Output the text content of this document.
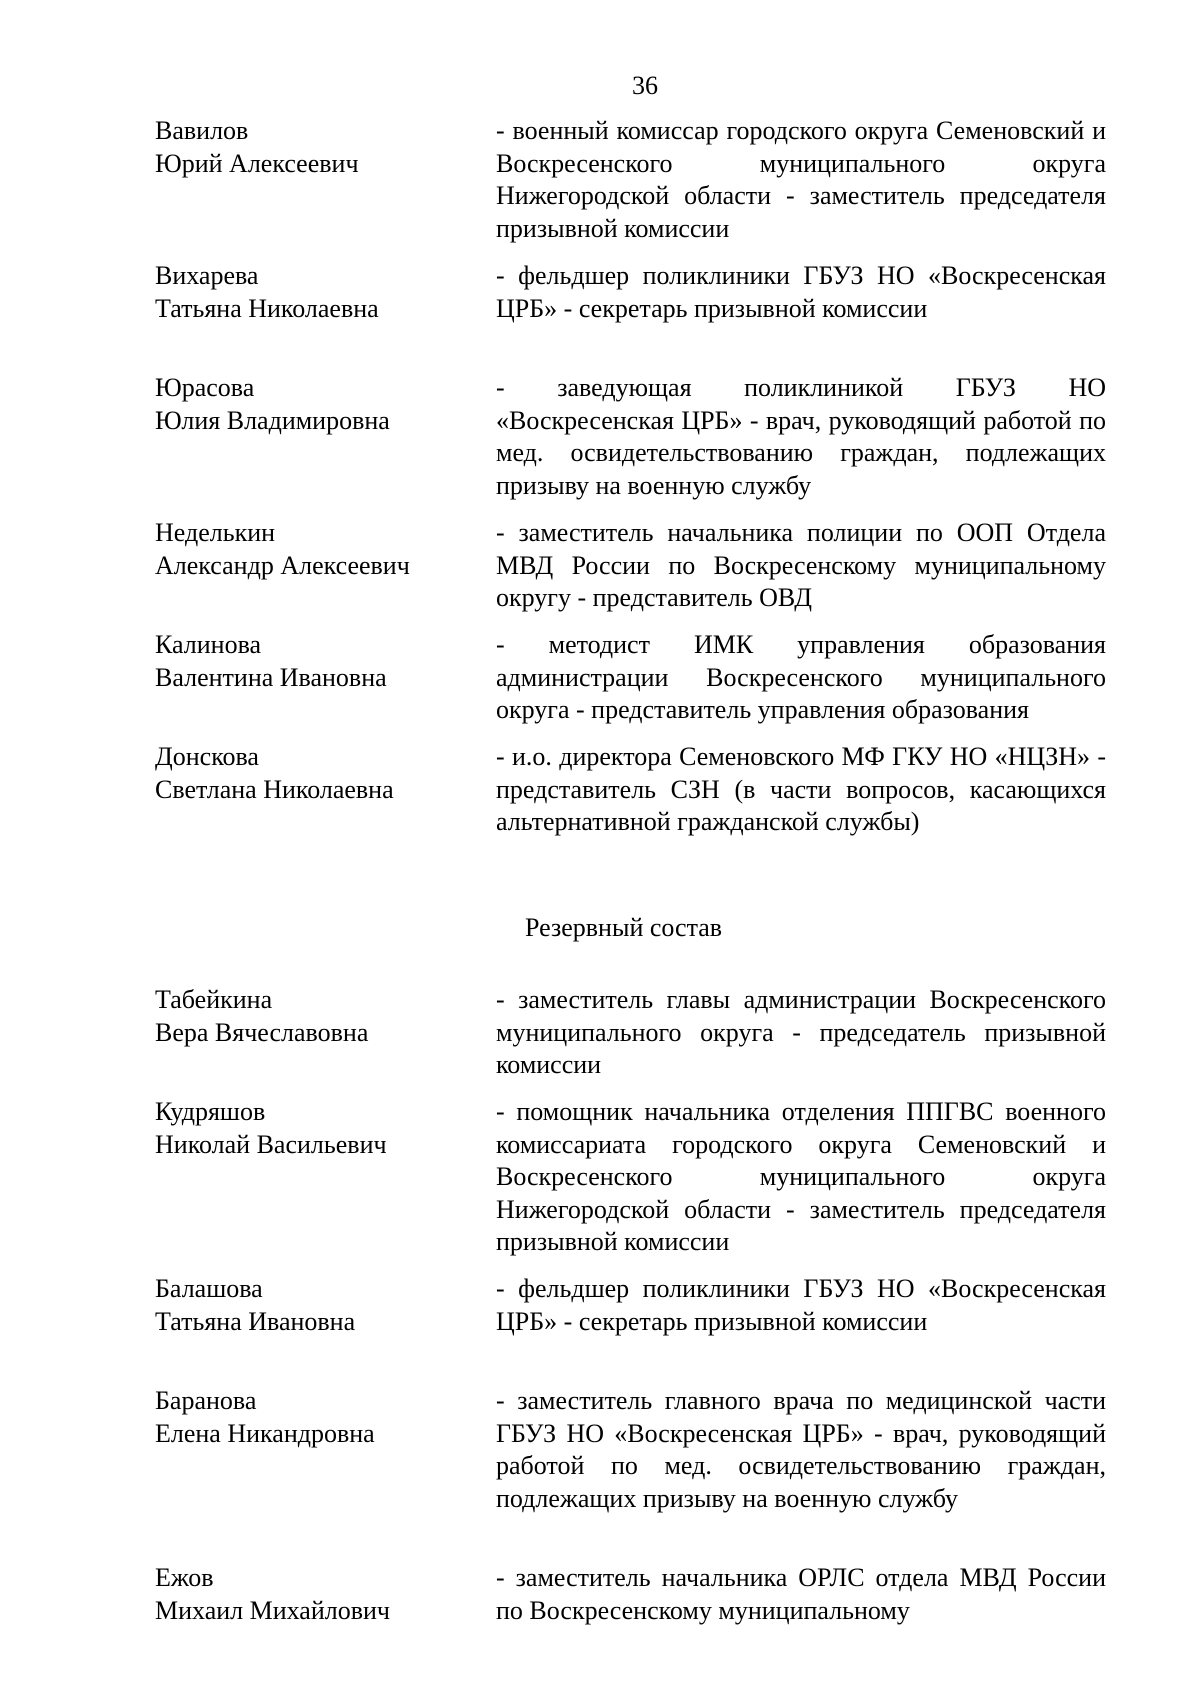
36
Вавилов
Юрий Алексеевич
- военный комиссар городского округа Семеновский и Воскресенского муниципального округа Нижегородской области - заместитель председателя призывной комиссии
Вихарева
Татьяна Николаевна
- фельдшер поликлиники ГБУЗ НО «Воскресенская ЦРБ» - секретарь призывной комиссии
Юрасова
Юлия Владимировна
- заведующая поликлиникой ГБУЗ НО «Воскресенская ЦРБ» - врач, руководящий работой по мед. освидетельствованию граждан, подлежащих призыву на военную службу
Неделькин
Александр Алексеевич
- заместитель начальника полиции по ООП Отдела МВД России по Воскресенскому муниципальному округу - представитель ОВД
Калинова
Валентина Ивановна
- методист ИМК управления образования администрации Воскресенского муниципального округа - представитель управления образования
Донскова
Светлана Николаевна
- и.о. директора Семеновского МФ ГКУ НО «НЦЗН» - представитель СЗН (в части вопросов, касающихся альтернативной гражданской службы)
Резервный состав
Табейкина
Вера Вячеславовна
- заместитель главы администрации Воскресенского муниципального округа - председатель призывной комиссии
Кудряшов
Николай Васильевич
- помощник начальника отделения ППГВС военного комиссариата городского округа Семеновский и Воскресенского муниципального округа Нижегородской области - заместитель председателя призывной комиссии
Балашова
Татьяна Ивановна
- фельдшер поликлиники ГБУЗ НО «Воскресенская ЦРБ» - секретарь призывной комиссии
Баранова
Елена Никандровна
- заместитель главного врача по медицинской части ГБУЗ НО «Воскресенская ЦРБ» - врач, руководящий работой по мед. освидетельствованию граждан, подлежащих призыву на военную службу
Ежов
Михаил Михайлович
- заместитель начальника ОРЛС отдела МВД России по Воскресенскому муниципальному
